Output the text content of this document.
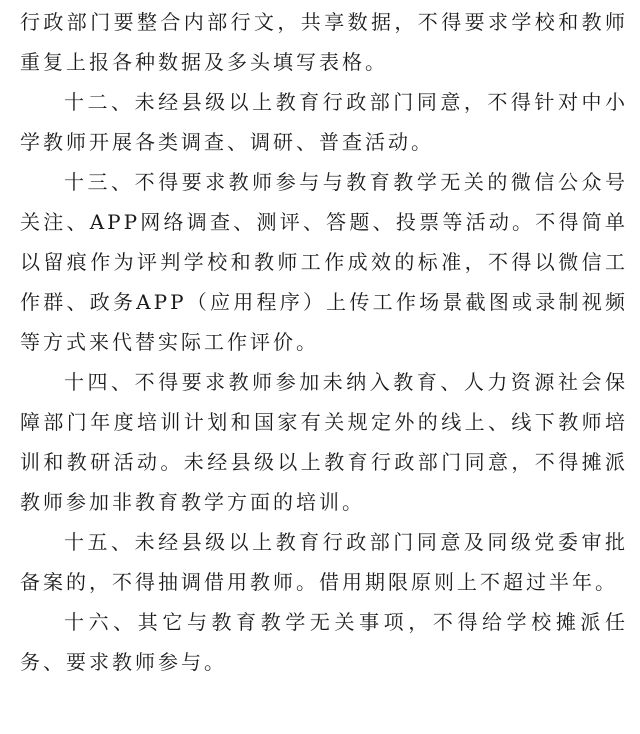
行政部门要整合内部行文，共享数据，不得要求学校和教师重复上报各种数据及多头填写表格。

十二、未经县级以上教育行政部门同意，不得针对中小学教师开展各类调查、调研、普查活动。

十三、不得要求教师参与与教育教学无关的微信公众号关注、APP网络调查、测评、答题、投票等活动。不得简单以留痕作为评判学校和教师工作成效的标准，不得以微信工作群、政务APP（应用程序）上传工作场景截图或录制视频等方式来代替实际工作评价。

十四、不得要求教师参加未纳入教育、人力资源社会保障部门年度培训计划和国家有关规定外的线上、线下教师培训和教研活动。未经县级以上教育行政部门同意，不得摊派教师参加非教育教学方面的培训。

十五、未经县级以上教育行政部门同意及同级党委审批备案的，不得抽调借用教师。借用期限原则上不超过半年。

十六、其它与教育教学无关事项，不得给学校摊派任务、要求教师参与。
